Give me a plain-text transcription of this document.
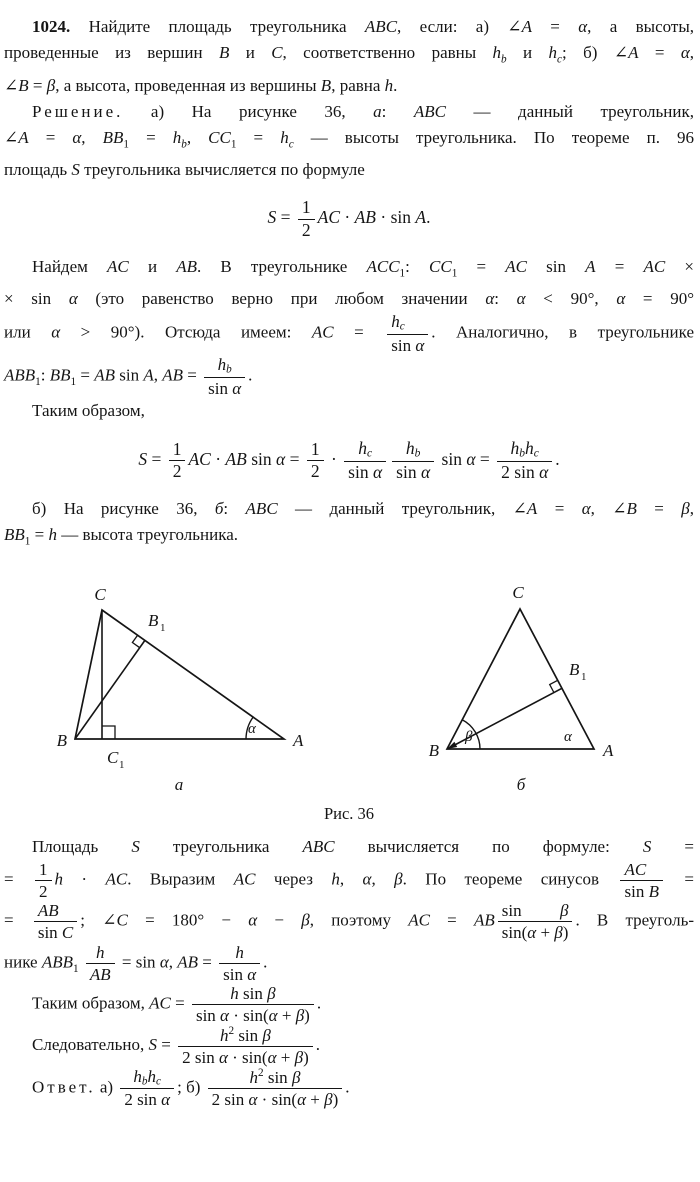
1024. Найдите площадь треугольника ABC, если: а) ∠A = α, а высоты,
проведенные из вершин B и C, соответственно равны $h_b$ и $h_c$; б) ∠A = α,
∠B = β, а высота, проведенная из вершины B, равна h.
Решение. а) На рисунке 36, а: ABC — данный треугольник,
∠A = α, $BB_1 = h_b$, $CC_1 = h_c$ — высоты треугольника. По теореме п. 96
площадь S треугольника вычисляется по формуле
$S = \frac{1}{2}$ AC · AB · sin A.
Найдем AC и AB. В треугольнике $ACC_1$: $CC_1$ = AC sin A = AC ×
× sin α (это равенство верно при любом значении α: α < 90°, α = 90°
или α > 90°). Отсюда имеем: AC = $\frac{hc}{\text{sin α}}$ . Аналогично, в треугольнике
$ABB_1$: $BB_1$ = AB sin A, AB = $\frac{hb}{\text{sin α}}$ .
Таким образом,
$S = \frac{1}{2}$ AC · AB $\sin \alpha = \frac{1}{2} \cdot \frac{hc}{\text{sin α}} \frac{hb}{\text{sin α}}$ $\sin \alpha = \frac{\text{hbhc}}{\text{2 sin α}}$ .
б) На рисунке 36, б: ABC — данный треугольник, ∠A = α, ∠B = β,
$BB_1 = h$ — высота треугольника.
B	A
C
B 1
C 1
α
а
B	A
C
B 1
β	α
б
Рис. 36
Площадь S треугольника ABC вычисляется по формуле: S =
= $\frac{1}{2}$ h · AC. Выразим AC через h, α, β. По теореме синусов $\frac{AC}{\text{sin B}}$ =
= $\frac{AB}{\text{sin C}}$ ; ∠C = 180° − α − β, поэтому AC = AB $\frac{\text{sin β}}{\sin(\alpha + \beta)}$ . В треуголь-
нике $ABB_1 \frac{h}{AB} = \sin \alpha$, AB = $\frac{h}{\text{sin α}}$ .
Таким образом, AC = $\frac{\text{h sin β}}{\text{sin α · sin(α + β)}}$ .
Следовательно, $S = \frac{h^2 \sin \beta}{\text{2 sin α · sin(α + β)}}$ .
Ответ. $а) \frac{\text{hbhc}}{\text{2 sin α}}$ ; $б) \frac{h^2 \sin \beta}{\text{2 sin α · sin(α + β)}}$ .
